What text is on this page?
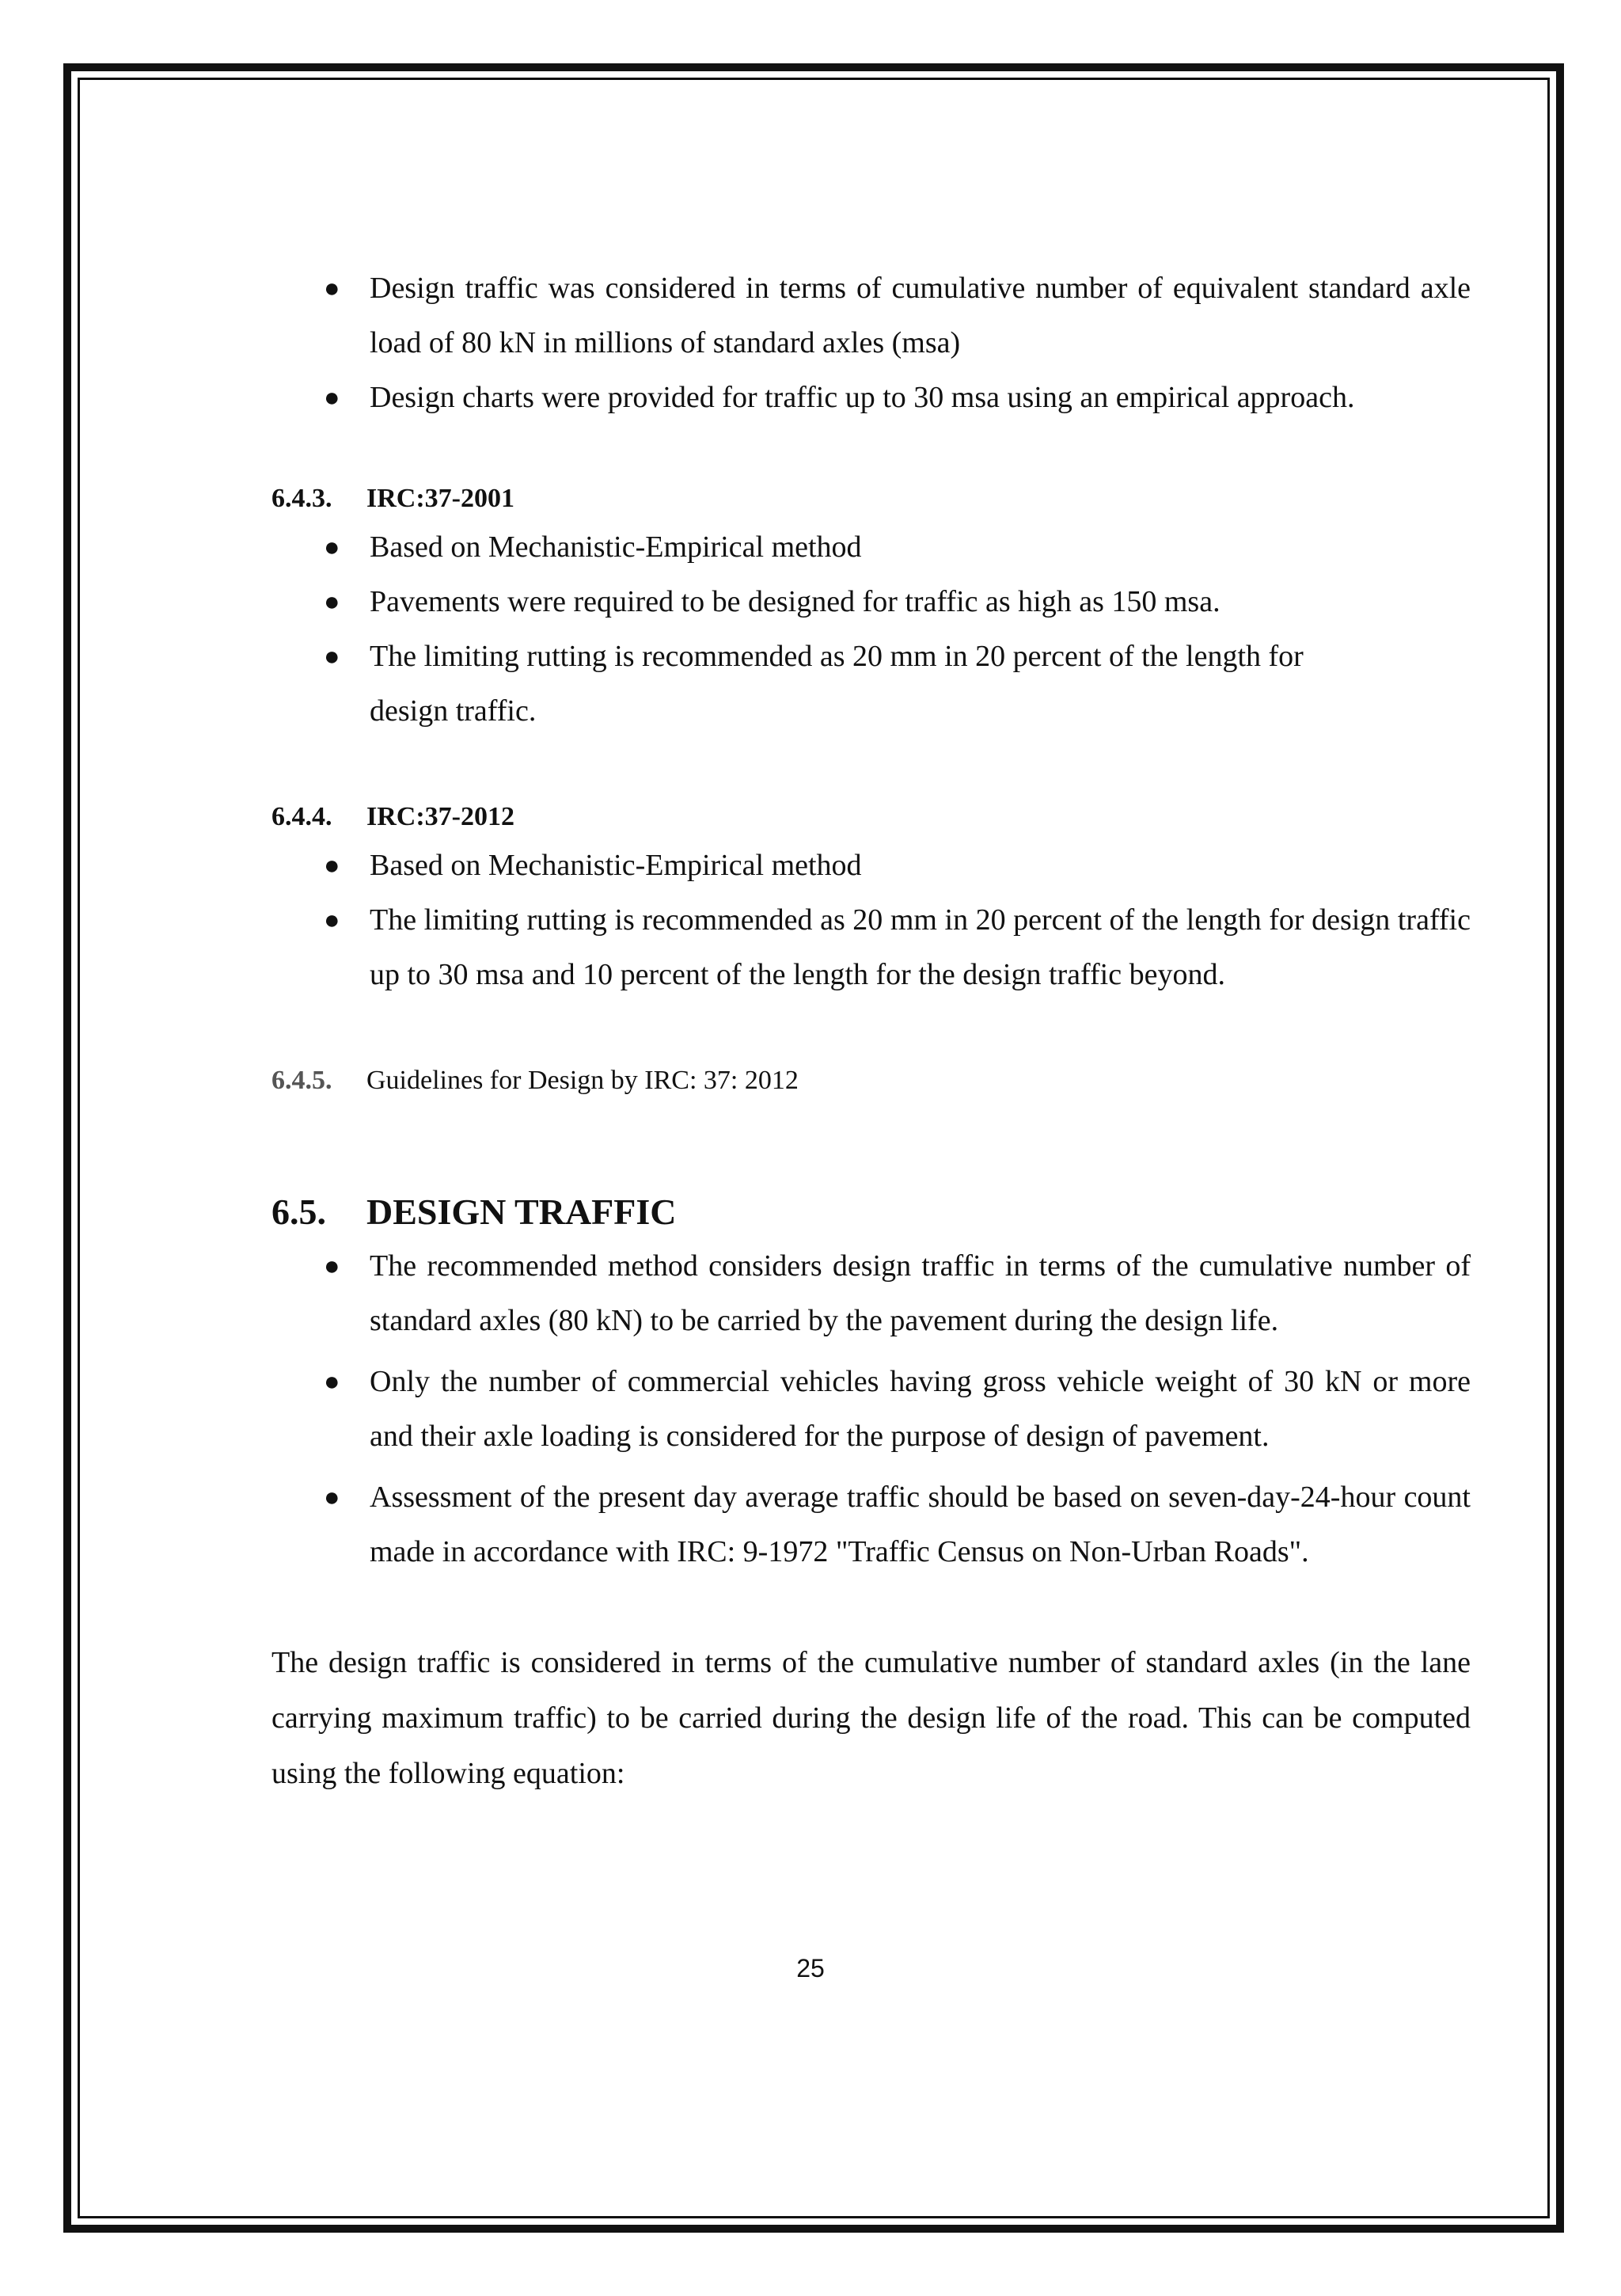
● Design traffic was considered in terms of cumulative number of equivalent standard axle load of 80 kN in millions of standard axles (msa)
● Design charts were provided for traffic up to 30 msa using an empirical approach.
6.4.3. IRC:37-2001
● Based on Mechanistic-Empirical method
● Pavements were required to be designed for traffic as high as 150 msa.
● The limiting rutting is recommended as 20 mm in 20 percent of the length for design traffic.
6.4.4. IRC:37-2012
● Based on Mechanistic-Empirical method
● The limiting rutting is recommended as 20 mm in 20 percent of the length for design traffic up to 30 msa and 10 percent of the length for the design traffic beyond.
6.4.5. Guidelines for Design by IRC: 37: 2012
6.5. DESIGN TRAFFIC
● The recommended method considers design traffic in terms of the cumulative number of standard axles (80 kN) to be carried by the pavement during the design life.
● Only the number of commercial vehicles having gross vehicle weight of 30 kN or more and their axle loading is considered for the purpose of design of pavement.
● Assessment of the present day average traffic should be based on seven-day-24-hour count made in accordance with IRC: 9-1972 "Traffic Census on Non-Urban Roads".

The design traffic is considered in terms of the cumulative number of standard axles (in the lane carrying maximum traffic) to be carried during the design life of the road. This can be computed using the following equation:

25
